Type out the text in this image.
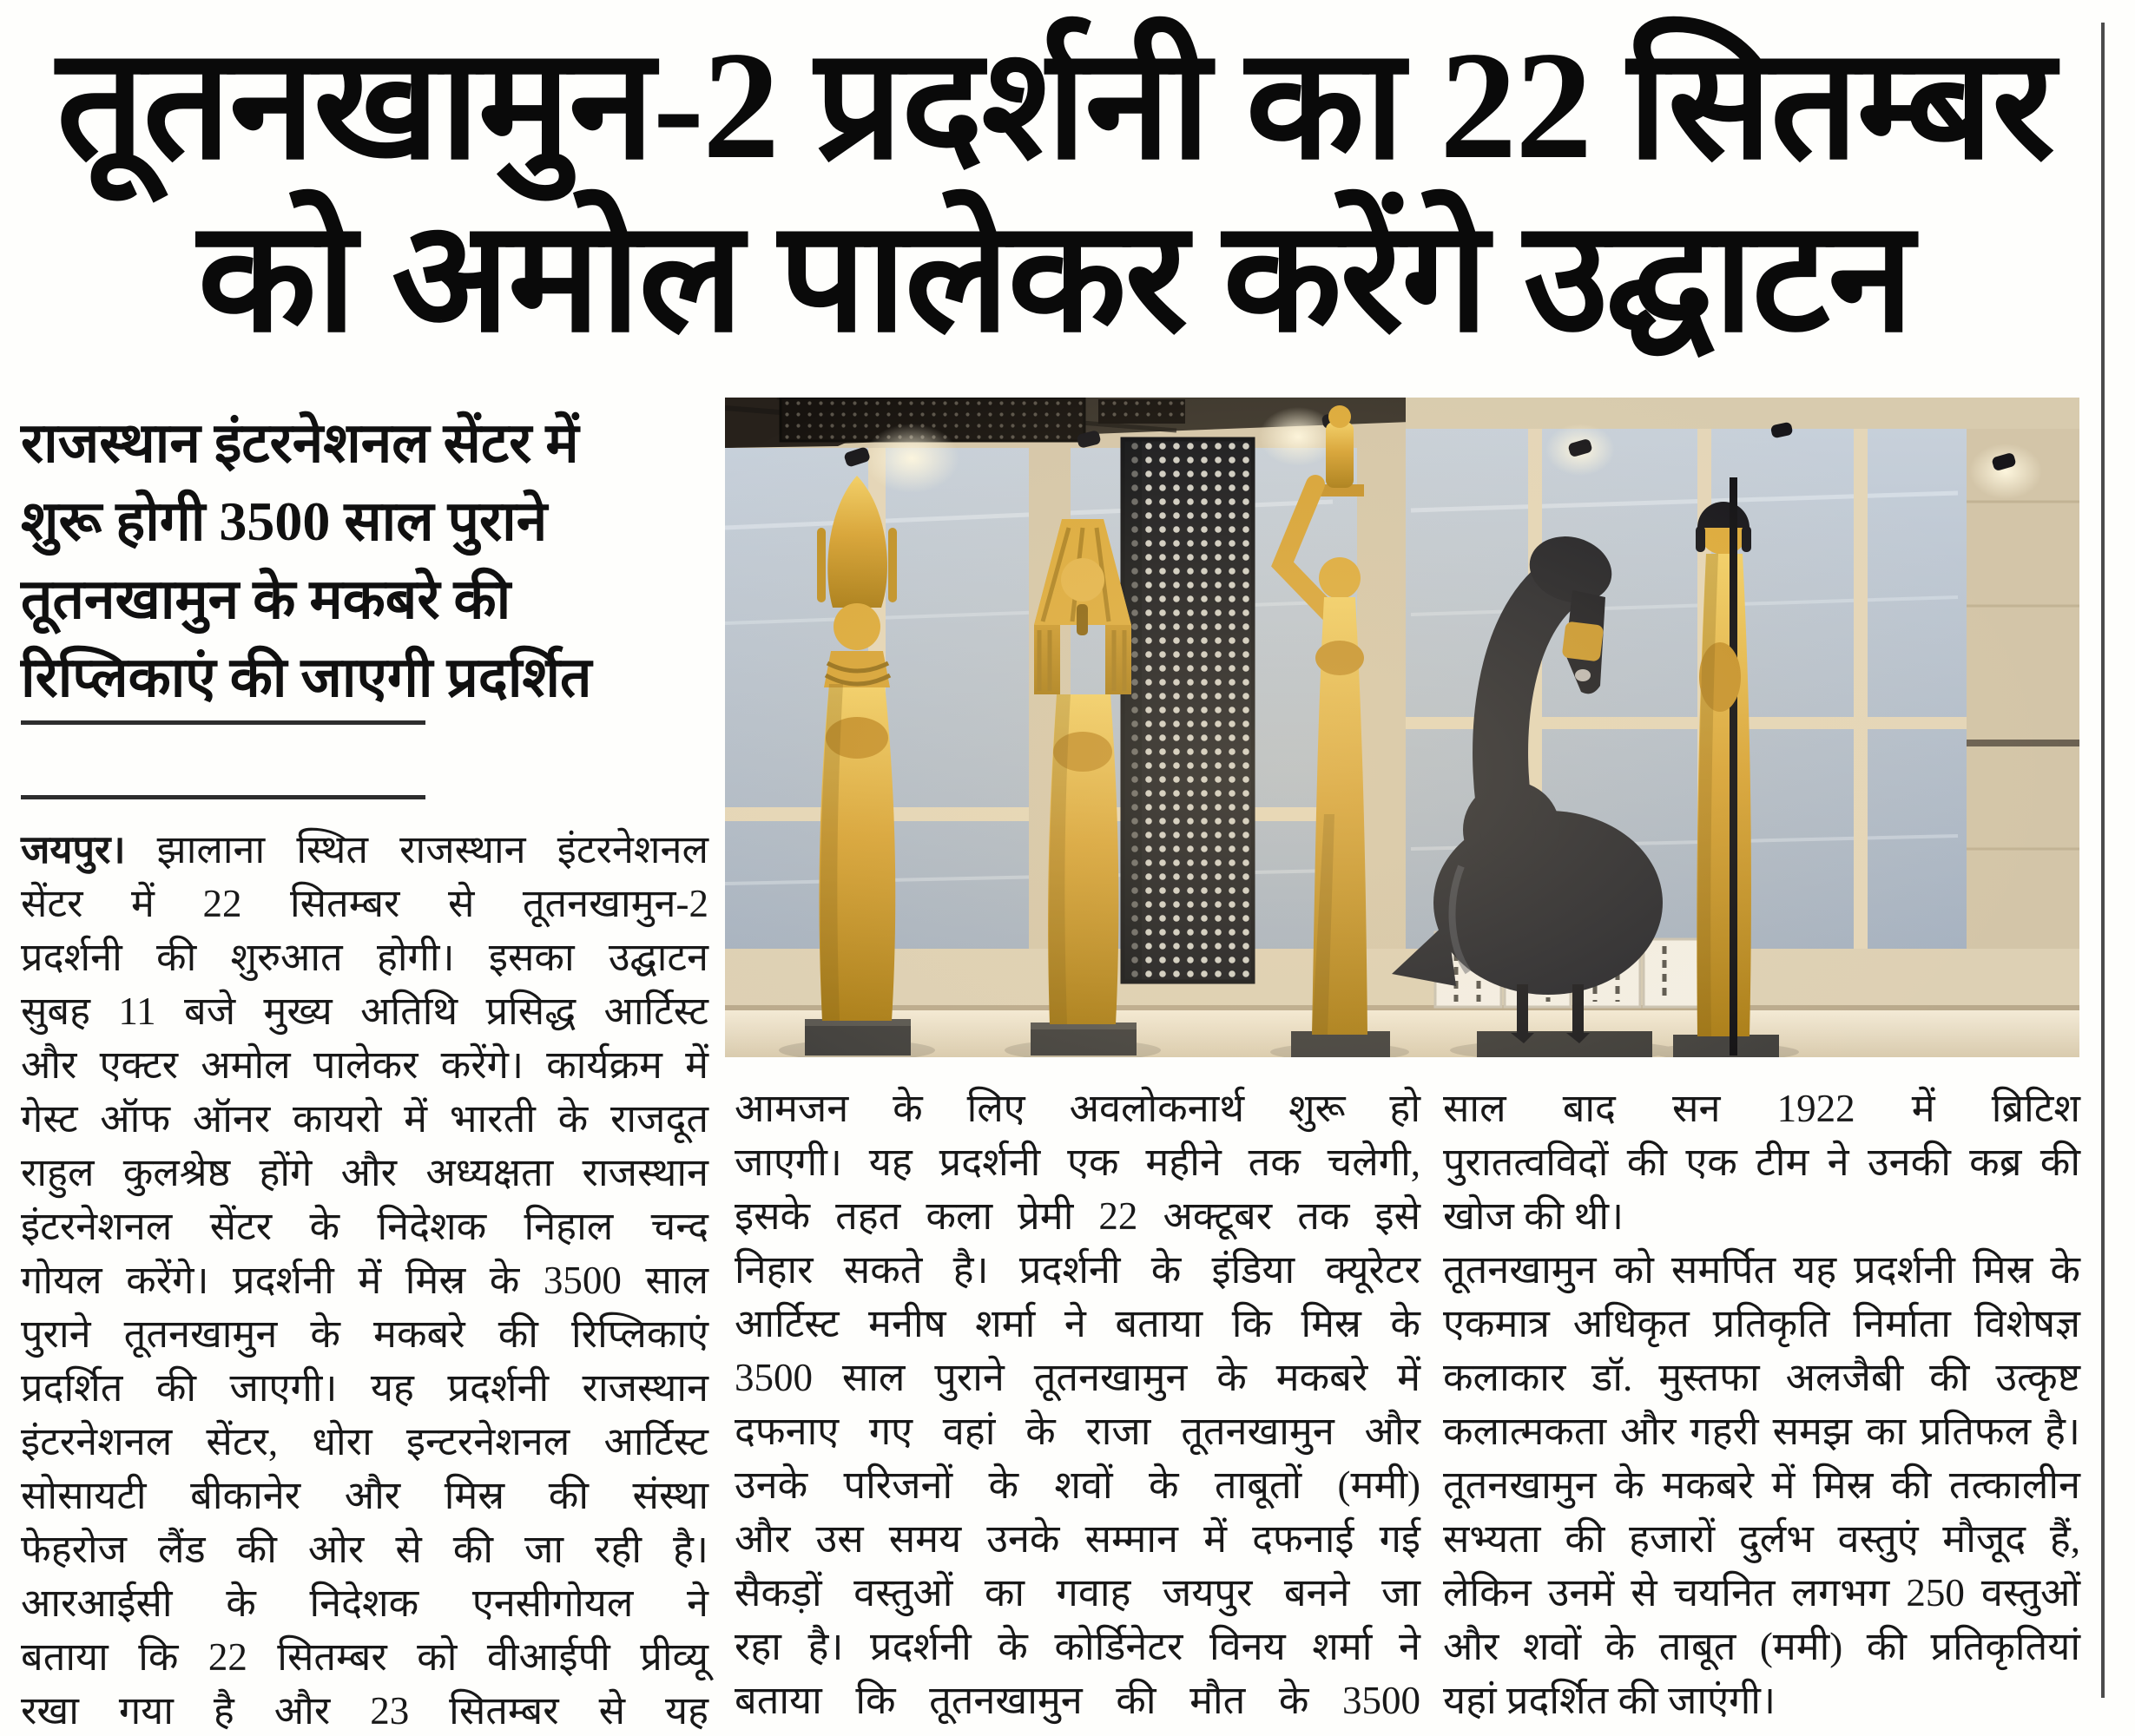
तूतनखामुन-2 प्रदर्शनी का 22 सितम्बर
को अमोल पालेकर करेंगे उद्घाटन
राजस्थान इंटरनेशनल सेंटर में
शुरू होगी 3500 साल पुराने
तूतनखामुन के मकबरे की
रिप्लिकाएं की जाएगी प्रदर्शित
जयपुर। झालाना स्थित राजस्थान इंटरनेशनल
सेंटर में 22 सितम्बर से तूतनखामुन-2
प्रदर्शनी की शुरुआत होगी। इसका उद्घाटन
सुबह 11 बजे मुख्य अतिथि प्रसिद्ध आर्टिस्ट
और एक्टर अमोल पालेकर करेंगे। कार्यक्रम में
गेस्ट ऑफ ऑनर कायरो में भारती के राजदूत
राहुल कुलश्रेष्ठ होंगे और अध्यक्षता राजस्थान
इंटरनेशनल सेंटर के निदेशक निहाल चन्द
गोयल करेंगे। प्रदर्शनी में मिस्र के 3500 साल
पुराने तूतनखामुन के मकबरे की रिप्लिकाएं
प्रदर्शित की जाएगी। यह प्रदर्शनी राजस्थान
इंटरनेशनल सेंटर, धोरा इन्टरनेशनल आर्टिस्ट
सोसायटी बीकानेर और मिस्र की संस्था
फेहरोज लैंड की ओर से की जा रही है।
आरआईसी के निदेशक एनसीगोयल ने
बताया कि 22 सितम्बर को वीआईपी प्रीव्यू
रखा गया है और 23 सितम्बर से यह
आमजन के लिए अवलोकनार्थ शुरू हो
जाएगी। यह प्रदर्शनी एक महीने तक चलेगी,
इसके तहत कला प्रेमी 22 अक्टूबर तक इसे
निहार सकते है। प्रदर्शनी के इंडिया क्यूरेटर
आर्टिस्ट मनीष शर्मा ने बताया कि मिस्र के
3500 साल पुराने तूतनखामुन के मकबरे में
दफनाए गए वहां के राजा तूतनखामुन और
उनके परिजनों के शवों के ताबूतों (ममी)
और उस समय उनके सम्मान में दफनाई गई
सैकड़ों वस्तुओं का गवाह जयपुर बनने जा
रहा है। प्रदर्शनी के कोर्डिनेटर विनय शर्मा ने
बताया कि तूतनखामुन की मौत के 3500
साल बाद सन 1922 में ब्रिटिश
पुरातत्वविदों की एक टीम ने उनकी कब्र की
खोज की थी।
तूतनखामुन को समर्पित यह प्रदर्शनी मिस्र के
एकमात्र अधिकृत प्रतिकृति निर्माता विशेषज्ञ
कलाकार डॉ. मुस्तफा अलजैबी की उत्कृष्ट
कलात्मकता और गहरी समझ का प्रतिफल है।
तूतनखामुन के मकबरे में मिस्र की तत्कालीन
सभ्यता की हजारों दुर्लभ वस्तुएं मौजूद हैं,
लेकिन उनमें से चयनित लगभग 250 वस्तुओं
और शवों के ताबूत (ममी) की प्रतिकृतियां
यहां प्रदर्शित की जाएंगी।
